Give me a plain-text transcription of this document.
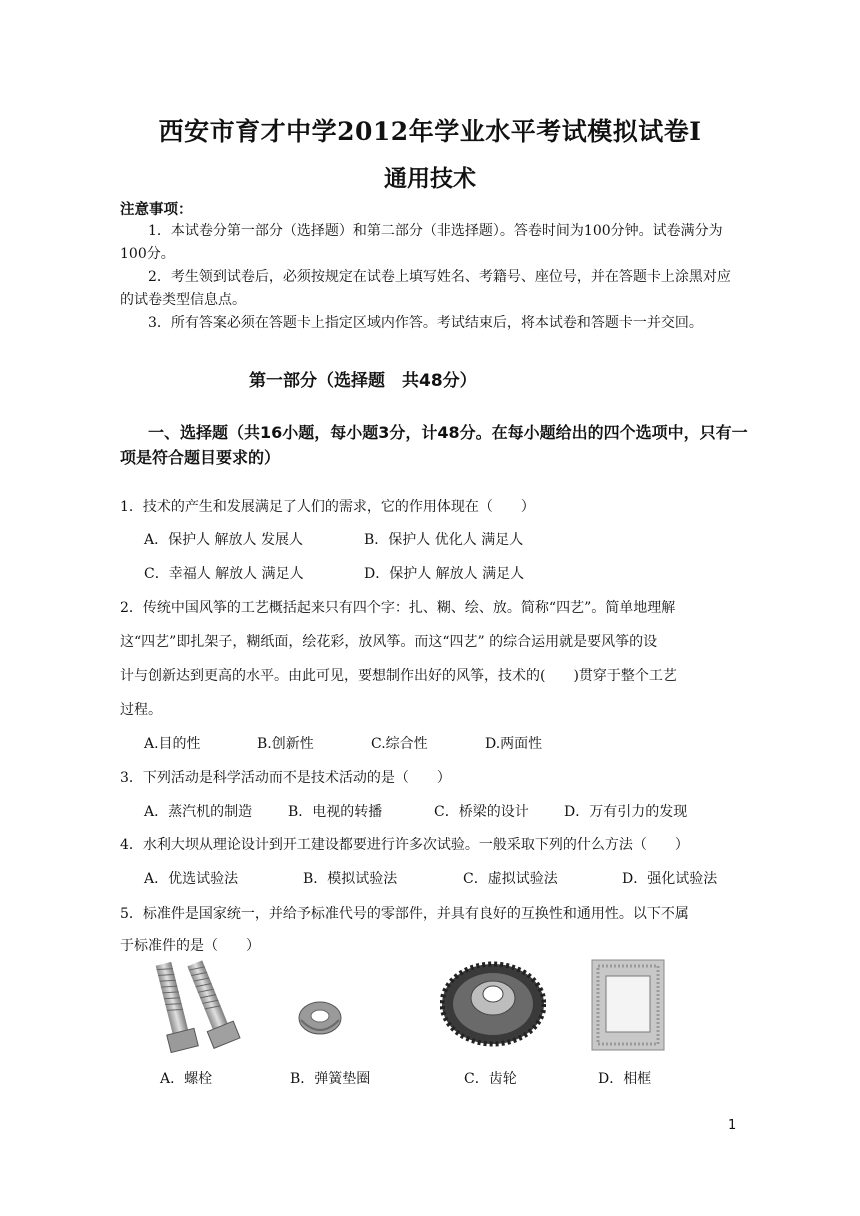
西安市育才中学2012年学业水平考试模拟试卷Ⅰ
通用技术
注意事项：
1．本试卷分第一部分（选择题）和第二部分（非选择题）。答卷时间为100分钟。试卷满分为100分。
2．考生领到试卷后，必须按规定在试卷上填写姓名、考籍号、座位号，并在答题卡上涂黑对应的试卷类型信息点。
3．所有答案必须在答题卡上指定区域内作答。考试结束后，将本试卷和答题卡一并交回。
第一部分（选择题　共48分）
一、选择题（共16小题，每小题3分，计48分。在每小题给出的四个选项中，只有一项是符合题目要求的）
1．技术的产生和发展满足了人们的需求，它的作用体现在（　　）
A．保护人 解放人 发展人	B．保护人 优化人 满足人
C．幸福人 解放人 满足人	D．保护人 解放人 满足人
2．传统中国风筝的工艺概括起来只有四个字：扎、糊、绘、放。简称“四艺”。简单地理解
这“四艺”即扎架子，糊纸面，绘花彩，放风筝。而这“四艺” 的综合运用就是要风筝的设
计与创新达到更高的水平。由此可见，要想制作出好的风筝，技术的(　　)贯穿于整个工艺
过程。
A.目的性	B.创新性	C.综合性	D.两面性
3．下列活动是科学活动而不是技术活动的是（　　）
A．蒸汽机的制造	B．电视的转播	C．桥梁的设计	D．万有引力的发现
4．水利大坝从理论设计到开工建设都要进行许多次试验。一般采取下列的什么方法（　　）
A．优选试验法	B．模拟试验法	C．虚拟试验法	D．强化试验法
5．标准件是国家统一，并给予标准代号的零部件，并具有良好的互换性和通用性。以下不属
于标准件的是（　　）
A．螺栓	B．弹簧垫圈	C．齿轮	D．相框
1
